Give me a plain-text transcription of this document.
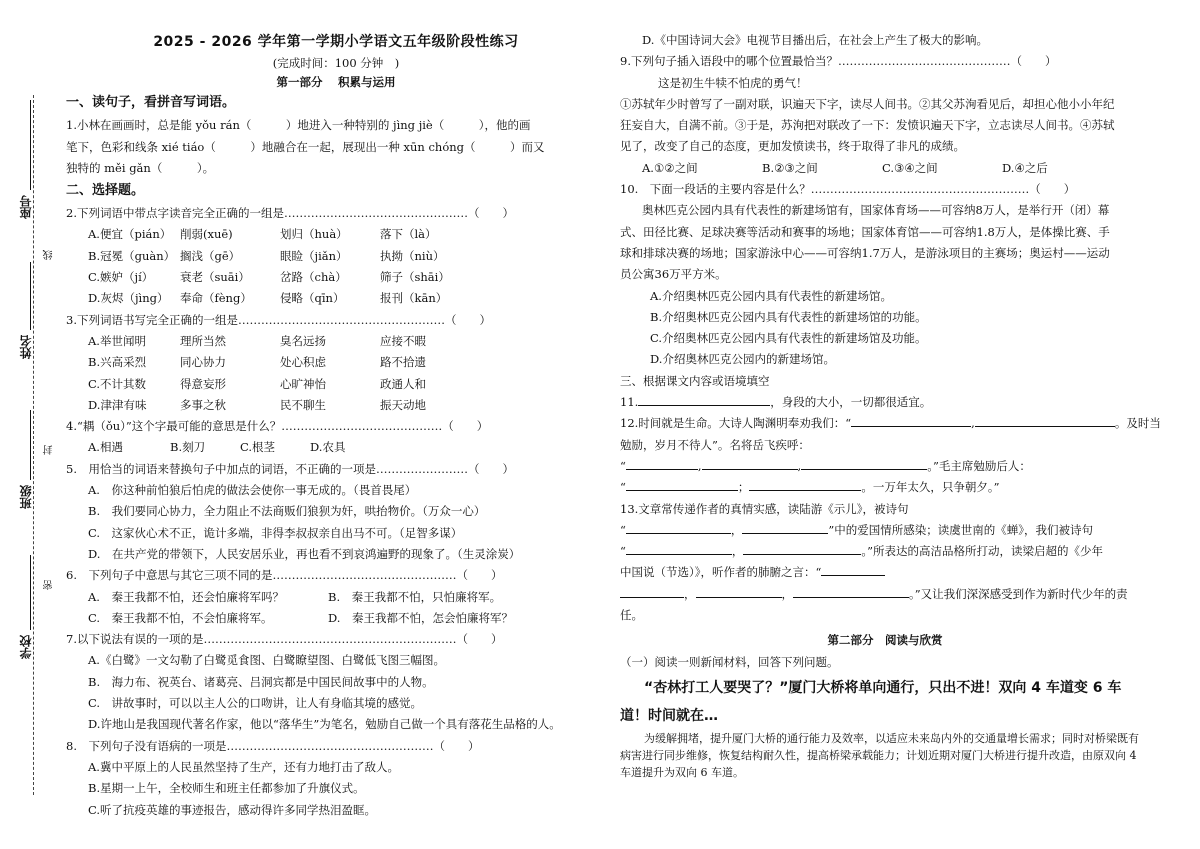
座号
线
姓名
封
班级
密
学校
2025 - 2026 学年第一学期小学语文五年级阶段性练习
(完成时间：100 分钟　)
第一部分　 积累与运用
一、读句子，看拼音写词语。
1.小林在画画时，总是能 yǒu rán（　　　）地进入一种特别的 jìng jiè（　　　），他的画
笔下，色彩和线条 xié tiáo（　　　）地融合在一起，展现出一种 xūn chóng（　　　）而又
独特的 měi gǎn（　　　）。
二、选择题。
2.下列词语中带点字读音完全正确的一组是…………………………………………（　　）
A.便宜（pián） 削弱(xuē)	划归（huà）	落下（là）
B.冠冕（guàn） 搁浅（gē）	眼睑（jiǎn）	执拗（niù）
C.嫉妒（jí）	衰老（suāi）	岔路（chà）	筛子（shāi）
D.灰烬（jìng）	奉命（fèng）	侵略（qīn）	报刊（kān）
3.下列词语书写完全正确的一组是………………………………………………（　　）
A.举世闻明	理所当然	臭名远扬	应接不暇
B.兴高采烈	同心协力	处心积虑	路不拾遗
C.不计其数	得意妄形	心旷神怡	政通人和
D.津津有味	多事之秋	民不聊生	振天动地
4.“耦（ǒu）”这个字最可能的意思是什么？……………………………………（　　）
A.相遇	B.刻刀	C.根茎	D.农具
5.　用恰当的词语来替换句子中加点的词语，不正确的一项是……………………（　　）
A.　你这种前怕狼后怕虎的做法会使你一事无成的。（畏首畏尾）
B.　我们要同心协力，全力阻止不法商贩们狼狈为奸，哄抬物价。（万众一心）
C.　这家伙心术不正，诡计多端，非得李叔叔亲自出马不可。（足智多谋）
D.　在共产党的带领下，人民安居乐业，再也看不到哀鸿遍野的现象了。（生灵涂炭）
6.　下列句子中意思与其它三项不同的是…………………………………………（　　）
A.　秦王我都不怕，还会怕廉将军吗？	B.　秦王我都不怕，只怕廉将军。
C.　秦王我都不怕，不会怕廉将军。	D.　秦王我都不怕，怎会怕廉将军？
7.以下说法有误的一项的是…………………………………………………………（　　）
A.《白鹭》一文勾勒了白鹭觅食图、白鹭瞭望图、白鹭低飞图三幅图。
B.　海力布、祝英台、诸葛亮、吕洞宾都是中国民间故事中的人物。
C.　讲故事时，可以以主人公的口吻讲，让人有身临其境的感觉。
D.许地山是我国现代著名作家，他以“落华生”为笔名，勉励自己做一个具有落花生品格的人。
8.　下列句子没有语病的一项是………………………………………………（　　）
A.冀中平原上的人民虽然坚持了生产，还有力地打击了敌人。
B.星期一上午，全校师生和班主任都参加了升旗仪式。
C.听了抗疫英雄的事迹报告，感动得许多同学热泪盈眶。
D.《中国诗词大会》电视节目播出后，在社会上产生了极大的影响。
9.下列句子插入语段中的哪个位置最恰当？………………………………………（　　）
这是初生牛犊不怕虎的勇气！
①苏轼年少时曾写了一副对联，识遍天下字，读尽人间书。②其父苏洵看见后，却担心他小小年纪
狂妄自大，自满不前。③于是，苏洵把对联改了一下：发愤识遍天下字，立志读尽人间书。④苏轼
见了，改变了自己的态度，更加发愤读书，终于取得了非凡的成绩。
A.①②之间	B.②③之间	C.③④之间	D.④之后
10.　下面一段话的主要内容是什么？…………………………………………………（　　）
奥林匹克公园内具有代表性的新建场馆有，国家体育场——可容纳8万人，是举行开（闭）幕
式、田径比赛、足球决赛等活动和赛事的场地；国家体育馆——可容纳1.8万人，是体操比赛、手
球和排球决赛的场地；国家游泳中心——可容纳1.7万人，是游泳项目的主赛场；奥运村——运动
员公寓36万平方米。
A.介绍奥林匹克公园内具有代表性的新建场馆。
B.介绍奥林匹克公园内具有代表性的新建场馆的功能。
C.介绍奥林匹克公园内具有代表性的新建场馆及功能。
D.介绍奥林匹克公园内的新建场馆。
三、根据课文内容或语境填空
11.	，身段的大小，一切都很适宜。
12.时间就是生命。大诗人陶渊明奉劝我们：“	,	。及时当
勉励，岁月不待人”。名将岳飞疾呼：
“	,	,	。”毛主席勉励后人：
“	；	。一万年太久，只争朝夕。”
13.文章常传递作者的真情实感，读陆游《示儿》，被诗句
“	，	”中的爱国情所感染；读虞世南的《蝉》，我们被诗句
“	，	。”所表达的高洁品格所打动，读梁启超的《少年
中国说（节选）》，听作者的肺腑之言：“
，	，	。”又让我们深深感受到作为新时代少年的责
任。
第二部分　阅读与欣赏
（一）阅读一则新闻材料，回答下列问题。
“杏林打工人要哭了？”厦门大桥将单向通行，只出不进！双向 4 车道变 6 车
道！时间就在…
为缓解拥堵，提升厦门大桥的通行能力及效率，以适应未来岛内外的交通量增长需求；同时对桥梁既有病害进行同步维修，恢复结构耐久性，提高桥梁承载能力；计划近期对厦门大桥进行提升改造，由原双向 4 车道提升为双向 6 车道。
